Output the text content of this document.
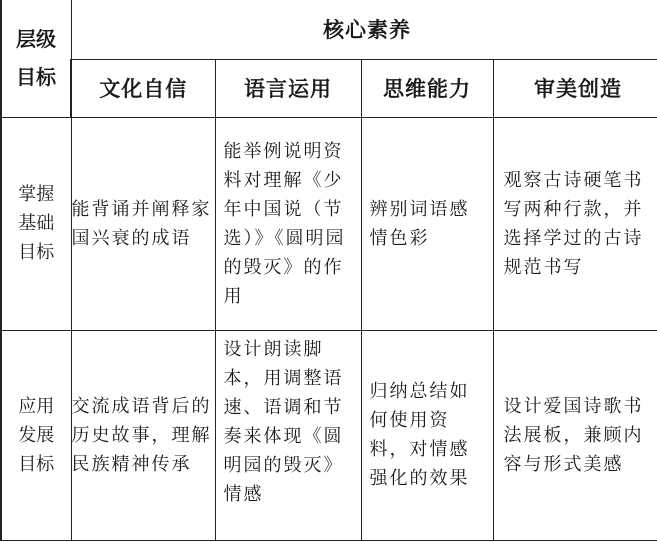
层级
目标	核心素养			
	文化自信	语言运用	思维能力	审美创造

掌握
基础
目标	能背诵并阐释家国兴衰的成语	能举例说明资料对理解《少年中国说（节选）》《圆明园的毁灭》的作用	辨别词语感情色彩	观察古诗硬笔书写两种行款，并选择学过的古诗规范书写

应用
发展
目标	交流成语背后的历史故事，理解民族精神传承	设计朗读脚本，用调整语速、语调和节奏来体现《圆明园的毁灭》情感	归纳总结如何使用资料，对情感强化的效果	设计爱国诗歌书法展板，兼顾内容与形式美感
